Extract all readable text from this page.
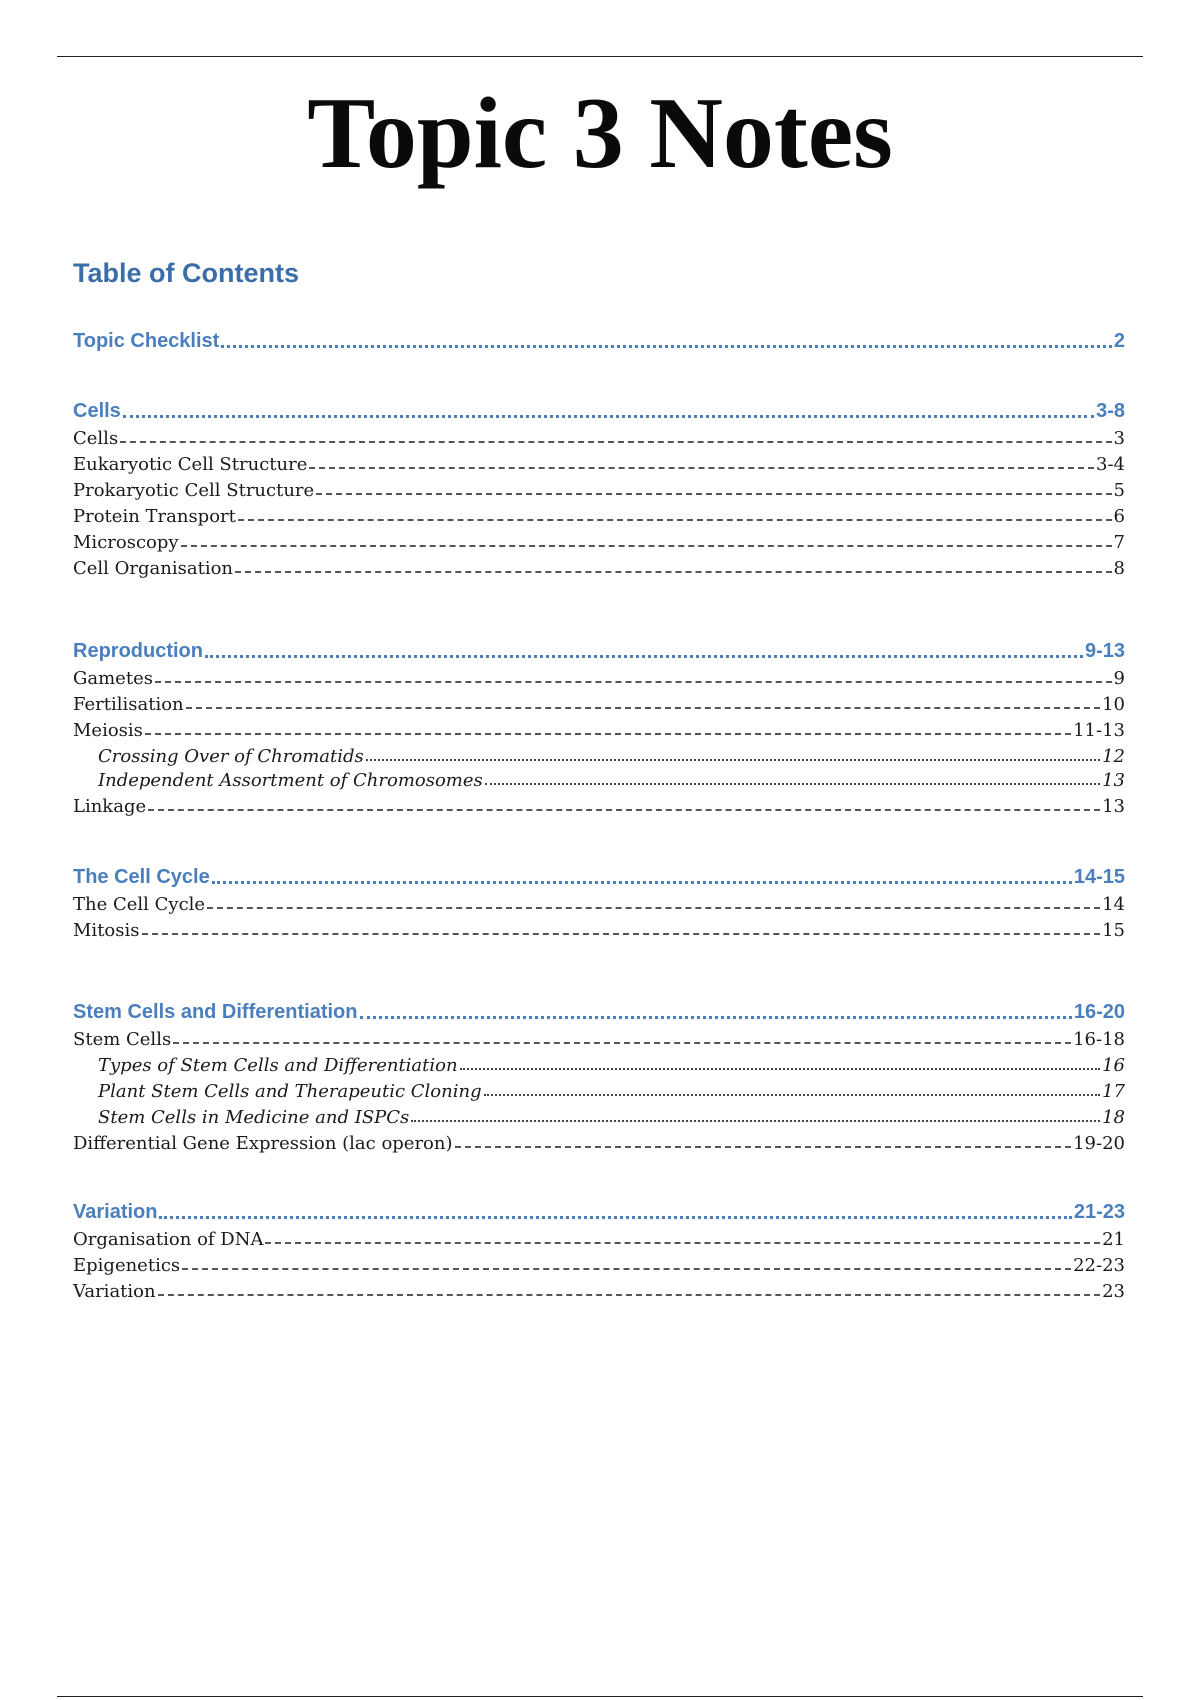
Topic 3 Notes
Table of Contents
Topic Checklist	2
Cells	3-8
Cells	3
Eukaryotic Cell Structure	3-4
Prokaryotic Cell Structure	5
Protein Transport	6
Microscopy	7
Cell Organisation	8
Reproduction	9-13
Gametes	9
Fertilisation	10
Meiosis	11-13
Crossing Over of Chromatids	12
Independent Assortment of Chromosomes	13
Linkage	13
The Cell Cycle	14-15
The Cell Cycle	14
Mitosis	15
Stem Cells and Differentiation	16-20
Stem Cells	16-18
Types of Stem Cells and Differentiation	16
Plant Stem Cells and Therapeutic Cloning	17
Stem Cells in Medicine and ISPCs	18
Differential Gene Expression (lac operon)	19-20
Variation	21-23
Organisation of DNA	21
Epigenetics	22-23
Variation	23
